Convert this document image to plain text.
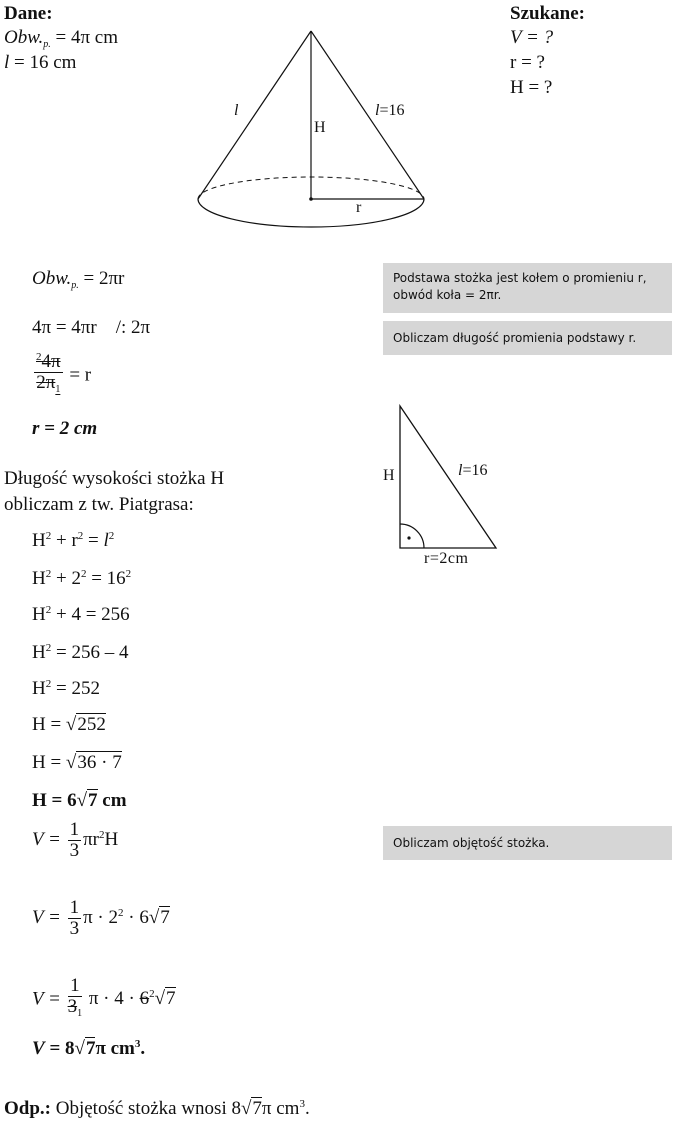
Dane:
$Obw._{p.} = 4\pi$ cm
l = 16 cm
Szukane:
V = ?
r = ?
H = ?
l	l=16
H
r
Podstawa stożka jest kołem o promieniu r,
obwód koła = 2πr.
Obliczam długość promienia podstawy r.
Obliczam objętość stożka.
$Obw._{p.} = 2\pi r$
4π = 4πr    /: 2π
$\frac{^24\pi}{2\pi_1} = r$
r = 2 cm
Długość wysokości stożka H
obliczam z tw. Piatgrasa:
H	l=16
r=2cm
$H^2 + r^2 = l^2$
$H^2 + 2^2 = 16^2$
$H^2 + 4 = 256$
$H^2 = 256 - 4$
$H^2 = 252$
H = √252
H = √36 · 7
H = 6√7 cm
$V = \frac{1}{3} \pi r^2H$
$V = \frac{1}{3}$ $\pi \cdot 2^2 \cdot 6√7$
$V = \frac{1}{3_1}$ $\pi \cdot 4 \cdot 6^2√7$
V = 8√7π $cm^3$.
Odp.: Objętość stożka wnosi 8√7π $cm^3$.
